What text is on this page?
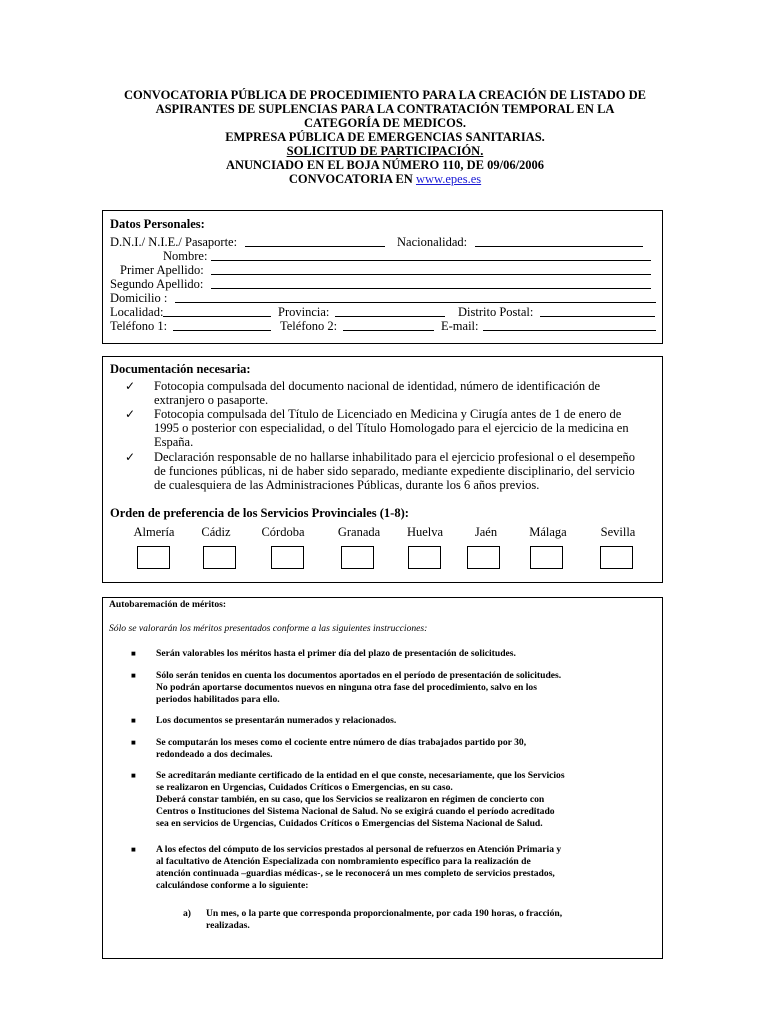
CONVOCATORIA PÚBLICA DE PROCEDIMIENTO PARA LA CREACIÓN DE LISTADO DE
ASPIRANTES DE SUPLENCIAS PARA LA CONTRATACIÓN TEMPORAL EN LA
CATEGORÍA DE MEDICOS.
EMPRESA PÚBLICA DE EMERGENCIAS SANITARIAS.
SOLICITUD DE PARTICIPACIÓN.
ANUNCIADO EN EL BOJA NÚMERO 110, DE 09/06/2006
CONVOCATORIA EN www.epes.es
Datos Personales:
D.N.I./ N.I.E./ Pasaporte:	Nacionalidad:
Nombre:
Primer Apellido:
Segundo Apellido:
Domicilio :
Localidad:	Provincia:	Distrito Postal:
Teléfono 1:	Teléfono 2:	E-mail:
Documentación necesaria:
✓ Fotocopia compulsada del documento nacional de identidad, número de identificación de
extranjero o pasaporte.
✓ Fotocopia compulsada del Título de Licenciado en Medicina y Cirugía antes de 1 de enero de
1995 o posterior con especialidad, o del Título Homologado para el ejercicio de la medicina en
España.
✓ Declaración responsable de no hallarse inhabilitado para el ejercicio profesional o el desempeño
de funciones públicas, ni de haber sido separado, mediante expediente disciplinario, del servicio
de cualesquiera de las Administraciones Públicas, durante los 6 años previos.
Orden de preferencia de los Servicios Provinciales (1-8):
Almería	Cádiz	Córdoba	Granada	Huelva	Jaén	Málaga	Sevilla
Autobaremación de méritos:
Sólo se valorarán los méritos presentados conforme a las siguientes instrucciones:
■ Serán valorables los méritos hasta el primer día del plazo de presentación de solicitudes.
■ Sólo serán tenidos en cuenta los documentos aportados en el período de presentación de solicitudes.
No podrán aportarse documentos nuevos en ninguna otra fase del procedimiento, salvo en los
periodos habilitados para ello.
■ Los documentos se presentarán numerados y relacionados.
■ Se computarán los meses como el cociente entre número de días trabajados partido por 30,
redondeado a dos decimales.
■ Se acreditarán mediante certificado de la entidad en el que conste, necesariamente, que los Servicios
se realizaron en Urgencias, Cuidados Críticos o Emergencias, en su caso.
Deberá constar también, en su caso, que los Servicios se realizaron en régimen de concierto con
Centros o Instituciones del Sistema Nacional de Salud. No se exigirá cuando el período acreditado
sea en servicios de Urgencias, Cuidados Críticos o Emergencias del Sistema Nacional de Salud.
■ A los efectos del cómputo de los servicios prestados al personal de refuerzos en Atención Primaria y
al facultativo de Atención Especializada con nombramiento específico para la realización de
atención continuada –guardias médicas-, se le reconocerá un mes completo de servicios prestados,
calculándose conforme a lo siguiente:
a) Un mes, o la parte que corresponda proporcionalmente, por cada 190 horas, o fracción,
realizadas.
